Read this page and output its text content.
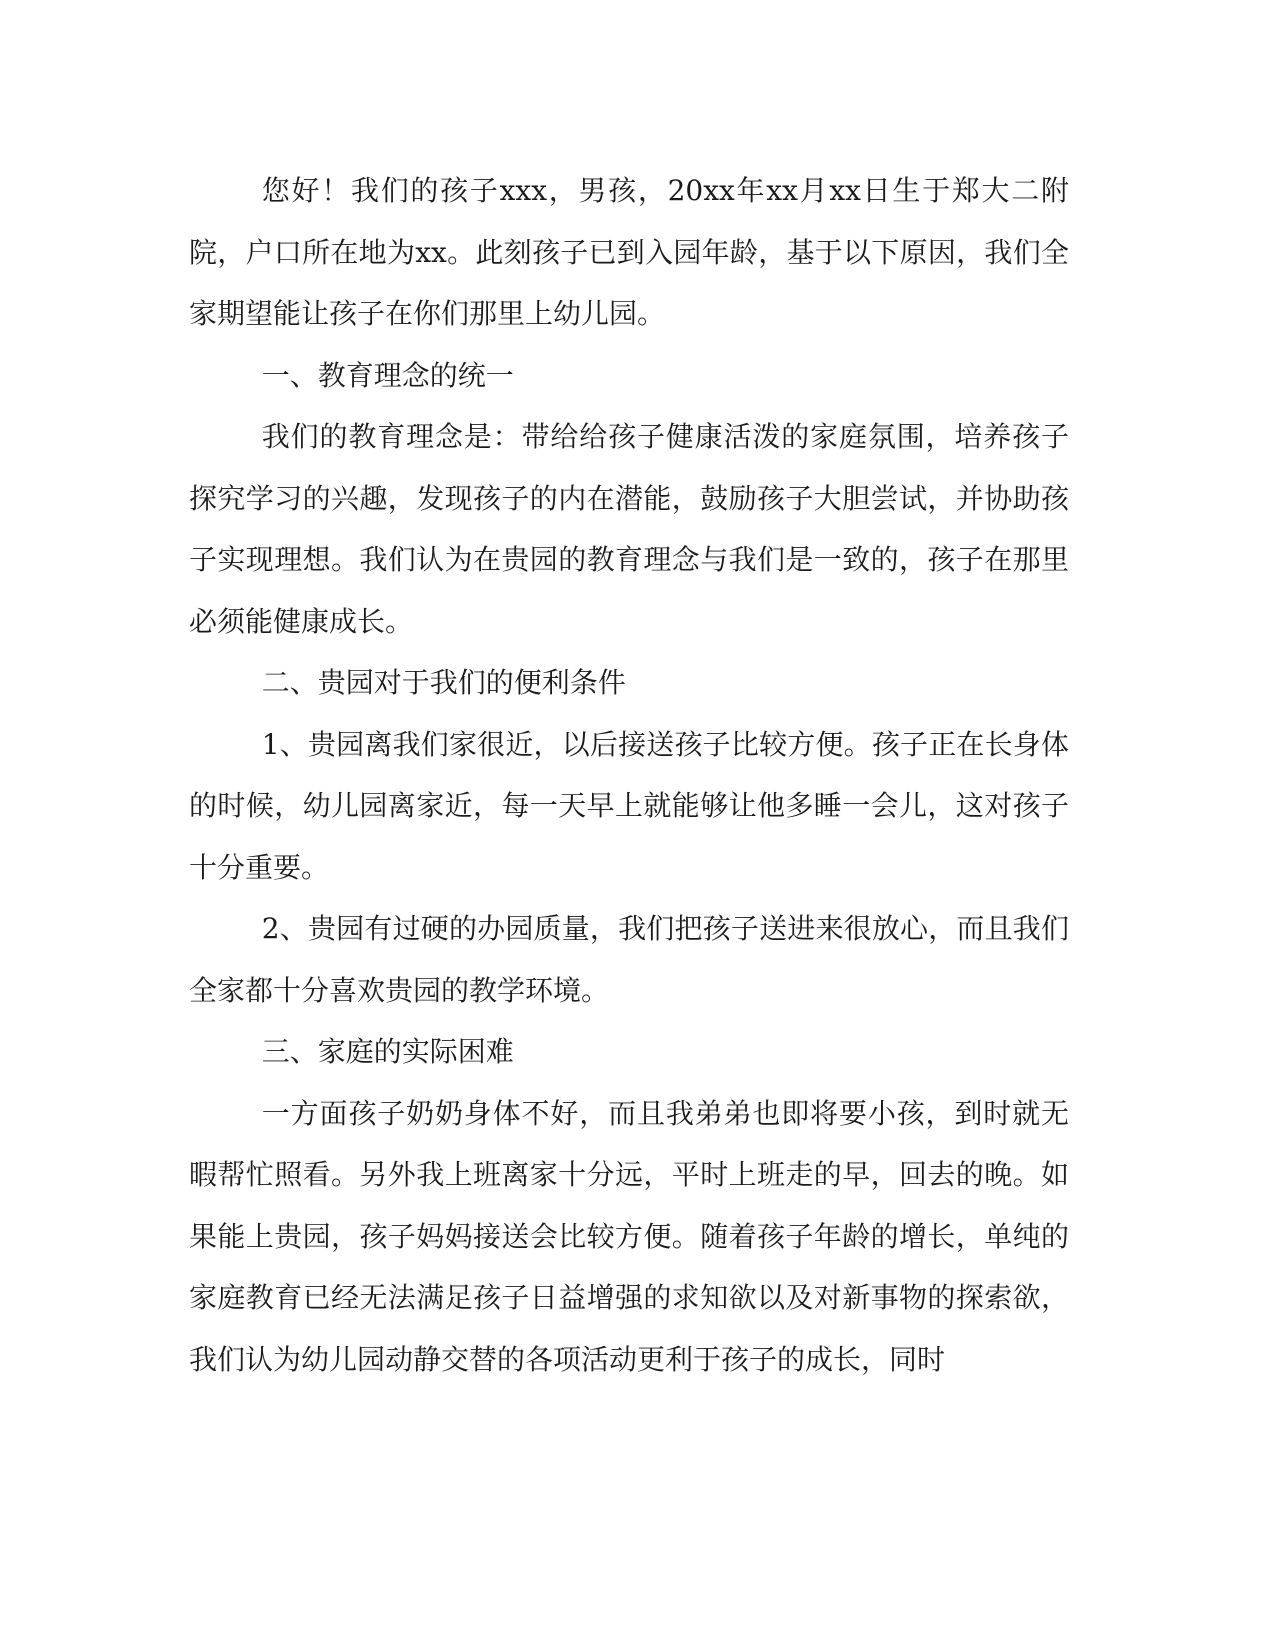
您好！我们的孩子xxx，男孩，20xx年xx月xx日生于郑大二附院，户口所在地为xx。此刻孩子已到入园年龄，基于以下原因，我们全家期望能让孩子在你们那里上幼儿园。

一、教育理念的统一

我们的教育理念是：带给给孩子健康活泼的家庭氛围，培养孩子探究学习的兴趣，发现孩子的内在潜能，鼓励孩子大胆尝试，并协助孩子实现理想。我们认为在贵园的教育理念与我们是一致的，孩子在那里必须能健康成长。

二、贵园对于我们的便利条件

1、贵园离我们家很近，以后接送孩子比较方便。孩子正在长身体的时候，幼儿园离家近，每一天早上就能够让他多睡一会儿，这对孩子十分重要。

2、贵园有过硬的办园质量，我们把孩子送进来很放心，而且我们全家都十分喜欢贵园的教学环境。

三、家庭的实际困难

一方面孩子奶奶身体不好，而且我弟弟也即将要小孩，到时就无暇帮忙照看。另外我上班离家十分远，平时上班走的早，回去的晚。如果能上贵园，孩子妈妈接送会比较方便。随着孩子年龄的增长，单纯的家庭教育已经无法满足孩子日益增强的求知欲以及对新事物的探索欲，我们认为幼儿园动静交替的各项活动更利于孩子的成长，同时
